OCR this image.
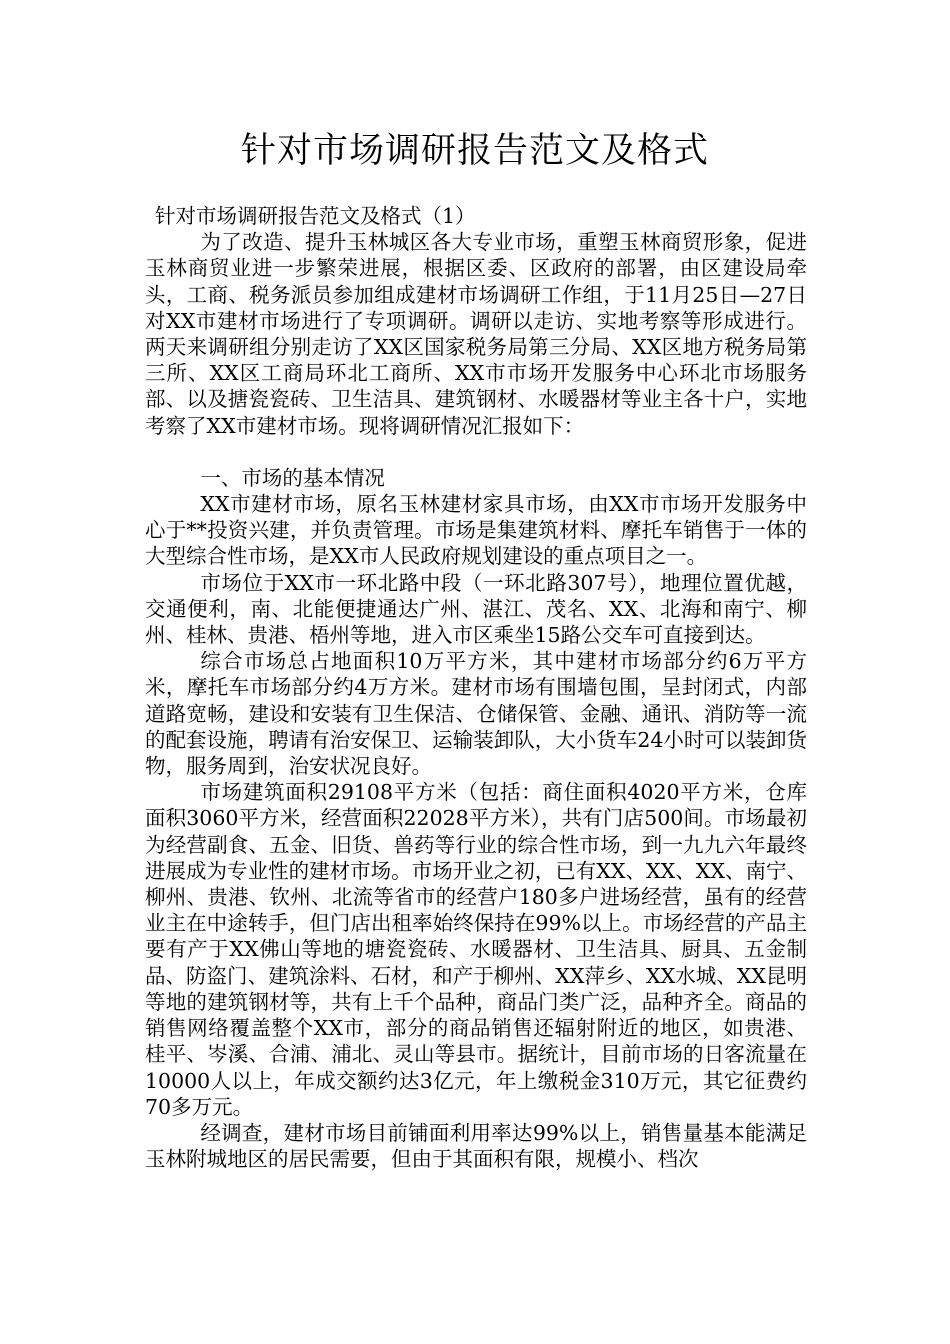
针对市场调研报告范文及格式

针对市场调研报告范文及格式（1）

为了改造、提升玉林城区各大专业市场，重塑玉林商贸形象，促进玉林商贸业进一步繁荣进展，根据区委、区政府的部署，由区建设局牵头，工商、税务派员参加组成建材市场调研工作组，于11月25日—27日对XX市建材市场进行了专项调研。调研以走访、实地考察等形成进行。两天来调研组分别走访了XX区国家税务局第三分局、XX区地方税务局第三所、XX区工商局环北工商所、XX市市场开发服务中心环北市场服务部、以及搪瓷瓷砖、卫生洁具、建筑钢材、水暖器材等业主各十户，实地考察了XX市建材市场。现将调研情况汇报如下：

一、市场的基本情况

XX市建材市场，原名玉林建材家具市场，由XX市市场开发服务中心于**投资兴建，并负责管理。市场是集建筑材料、摩托车销售于一体的大型综合性市场，是XX市人民政府规划建设的重点项目之一。

市场位于XX市一环北路中段（一环北路307号），地理位置优越，交通便利，南、北能便捷通达广州、湛江、茂名、XX、北海和南宁、柳州、桂林、贵港、梧州等地，进入市区乘坐15路公交车可直接到达。

综合市场总占地面积10万平方米，其中建材市场部分约6万平方米，摩托车市场部分约4万方米。建材市场有围墙包围，呈封闭式，内部道路宽畅，建设和安装有卫生保洁、仓储保管、金融、通讯、消防等一流的配套设施，聘请有治安保卫、运输装卸队，大小货车24小时可以装卸货物，服务周到，治安状况良好。

市场建筑面积29108平方米（包括：商住面积4020平方米，仓库面积3060平方米，经营面积22028平方米），共有门店500间。市场最初为经营副食、五金、旧货、兽药等行业的综合性市场，到一九九六年最终进展成为专业性的建材市场。市场开业之初，已有XX、XX、XX、南宁、柳州、贵港、钦州、北流等省市的经营户180多户进场经营，虽有的经营业主在中途转手，但门店出租率始终保持在99%以上。市场经营的产品主要有产于XX佛山等地的塘瓷瓷砖、水暖器材、卫生洁具、厨具、五金制品、防盗门、建筑涂料、石材，和产于柳州、XX萍乡、XX水城、XX昆明等地的建筑钢材等，共有上千个品种，商品门类广泛，品种齐全。商品的销售网络覆盖整个XX市，部分的商品销售还辐射附近的地区，如贵港、桂平、岑溪、合浦、浦北、灵山等县市。据统计，目前市场的日客流量在10000人以上，年成交额约达3亿元，年上缴税金310万元，其它征费约70多万元。

经调查，建材市场目前铺面利用率达99%以上，销售量基本能满足玉林附城地区的居民需要，但由于其面积有限，规模小、档次
